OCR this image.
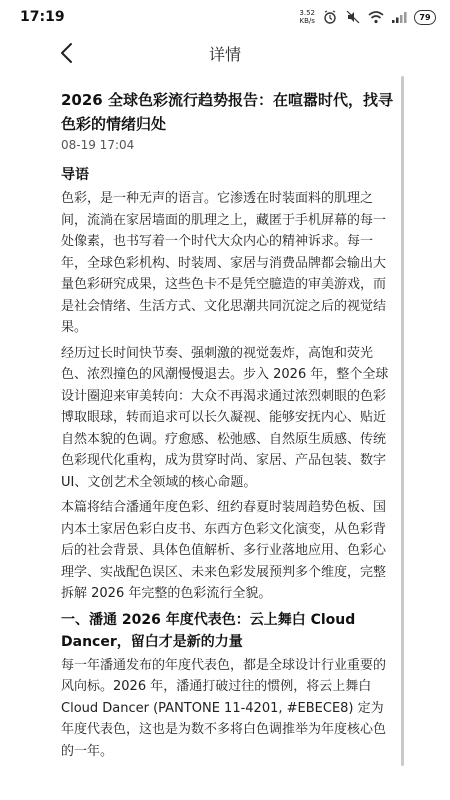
17:19	3.52
KB/s	79
详情
2026 全球色彩流行趋势报告：在喧嚣时代，找寻色彩的情绪归处
08-19 17:04
导语
色彩，是一种无声的语言。它渗透在时装面料的肌理之间，流淌在家居墙面的肌理之上，藏匿于手机屏幕的每一处像素，也书写着一个时代大众内心的精神诉求。每一年，全球色彩机构、时装周、家居与消费品牌都会输出大量色彩研究成果，这些色卡不是凭空臆造的审美游戏，而是社会情绪、生活方式、文化思潮共同沉淀之后的视觉结果。
经历过长时间快节奏、强刺激的视觉轰炸，高饱和荧光色、浓烈撞色的风潮慢慢退去。步入 2026 年，整个全球设计圈迎来审美转向：大众不再渴求通过浓烈刺眼的色彩博取眼球，转而追求可以长久凝视、能够安抚内心、贴近自然本貌的色调。疗愈感、松弛感、自然原生质感、传统色彩现代化重构，成为贯穿时尚、家居、产品包装、数字 UI、文创艺术全领域的核心命题。
本篇将结合潘通年度色彩、纽约春夏时装周趋势色板、国内本土家居色彩白皮书、东西方色彩文化演变，从色彩背后的社会背景、具体色值解析、多行业落地应用、色彩心理学、实战配色误区、未来色彩发展预判多个维度，完整拆解 2026 年完整的色彩流行全貌。
一、潘通 2026 年度代表色：云上舞白 Cloud Dancer，留白才是新的力量
每一年潘通发布的年度代表色，都是全球设计行业重要的风向标。2026 年，潘通打破过往的惯例，将云上舞白 Cloud Dancer (PANTONE 11-4201, #EBECE8) 定为年度代表色，这也是为数不多将白色调推举为年度核心色的一年。
